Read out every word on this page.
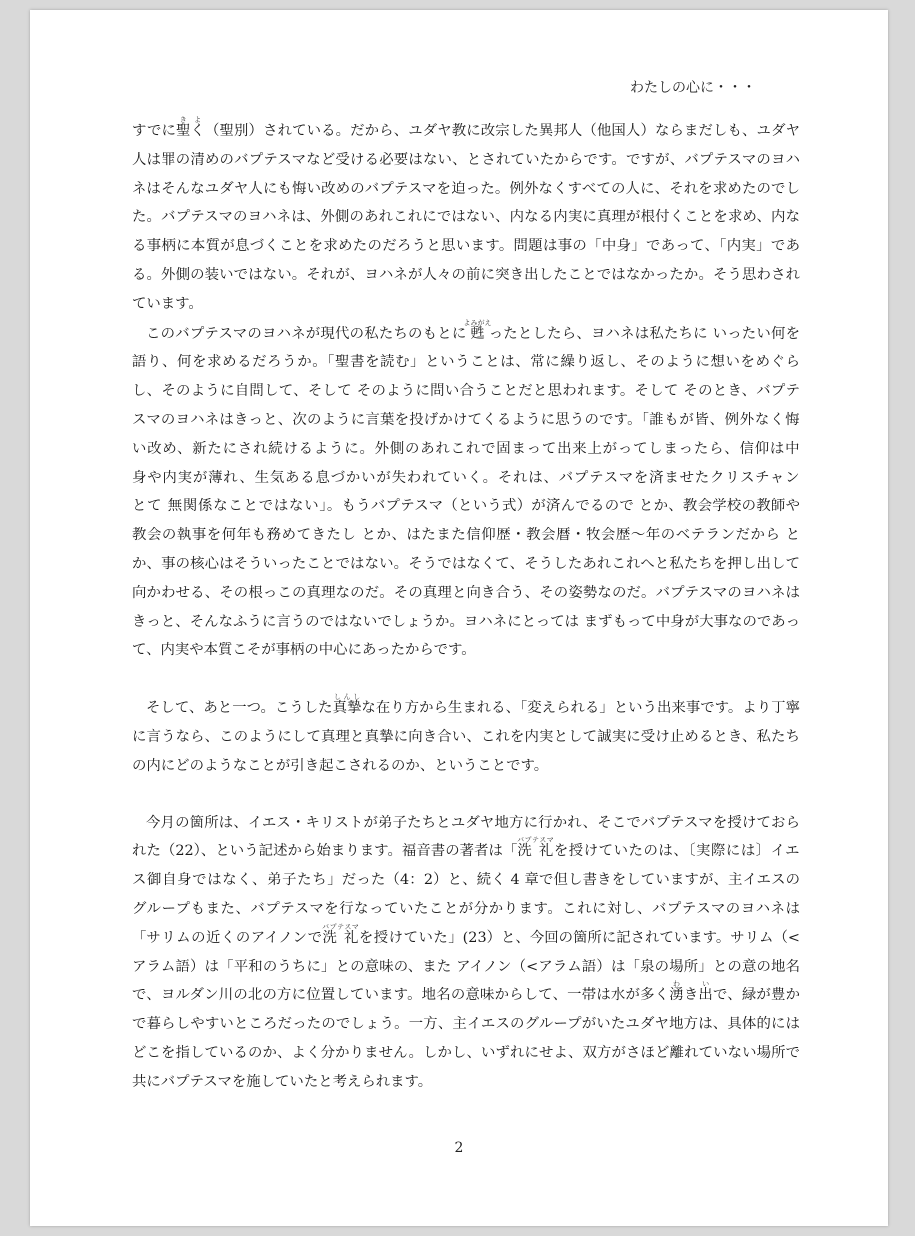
わたしの心に・・・

すでに聖くきよ（聖別）されている。だから、ユダヤ教に改宗した異邦人（他国人）ならまだしも、ユダヤ人は罪の清めのバプテスマなど受ける必要はない、とされていたからです。ですが、バプテスマのヨハネはそんなユダヤ人にも悔い改めのバプテスマを迫った。例外なくすべての人に、それを求めたのでした。バプテスマのヨハネは、外側のあれこれにではない、内なる内実に真理が根付くことを求め、内なる事柄に本質が息づくことを求めたのだろうと思います。問題は事の「中身」であって、「内実」である。外側の装いではない。それが、ヨハネが人々の前に突き出したことではなかったか。そう思わされています。

このバプテスマのヨハネが現代の私たちのもとに甦よみがえったとしたら、ヨハネは私たちに いったい何を語り、何を求めるだろうか。「聖書を読む」ということは、常に繰り返し、そのように想いをめぐらし、そのように自問して、そして そのように問い合うことだと思われます。そして そのとき、バプテスマのヨハネはきっと、次のように言葉を投げかけてくるように思うのです。「誰もが皆、例外なく悔い改め、新たにされ続けるように。外側のあれこれで固まって出来上がってしまったら、信仰は中身や内実が薄れ、生気ある息づかいが失われていく。それは、バプテスマを済ませたクリスチャンとて 無関係なことではない」。もうバプテスマ（という式）が済んでるので とか、教会学校の教師や教会の執事を何年も務めてきたし とか、はたまた信仰歴・教会暦・牧会歴〜年のベテランだから とか、事の核心はそういったことではない。そうではなくて、そうしたあれこれへと私たちを押し出して向かわせる、その根っこの真理なのだ。その真理と向き合う、その姿勢なのだ。バプテスマのヨハネはきっと、そんなふうに言うのではないでしょうか。ヨハネにとっては まずもって中身が大事なのであって、内実や本質こそが事柄の中心にあったからです。

そして、あと一つ。こうした真摯しんしな在り方から生まれる、「変えられる」という出来事です。より丁寧に言うなら、このようにして真理と真摯に向き合い、これを内実として誠実に受け止めるとき、私たちの内にどのようなことが引き起こされるのか、ということです。

今月の箇所は、イエス・キリストが弟子たちとユダヤ地方に行かれ、そこでバプテスマを授けておられた（22）、という記述から始まります。福音書の著者は「洗 礼バプテスマを授けていたのは、〔実際には〕イエス御自身ではなく、弟子たち」だった（4：2）と、続く 4 章で但し書きをしていますが、主イエスのグループもまた、バプテスマを行なっていたことが分かります。これに対し、バプテスマのヨハネは「サリムの近くのアイノンで洗 礼バプテスマを授けていた」(23）と、今回の箇所に記されています。サリム（<アラム語）は「平和のうちに」との意味の、また アイノン（<アラム語）は「泉の場所」との意の地名で、ヨルダン川の北の方に位置しています。地名の意味からして、一帯は水が多く湧わき出いで、緑が豊かで暮らしやすいところだったのでしょう。一方、主イエスのグループがいたユダヤ地方は、具体的にはどこを指しているのか、よく分かりません。しかし、いずれにせよ、双方がさほど離れていない場所で 共にバプテスマを施していたと考えられます。

2
